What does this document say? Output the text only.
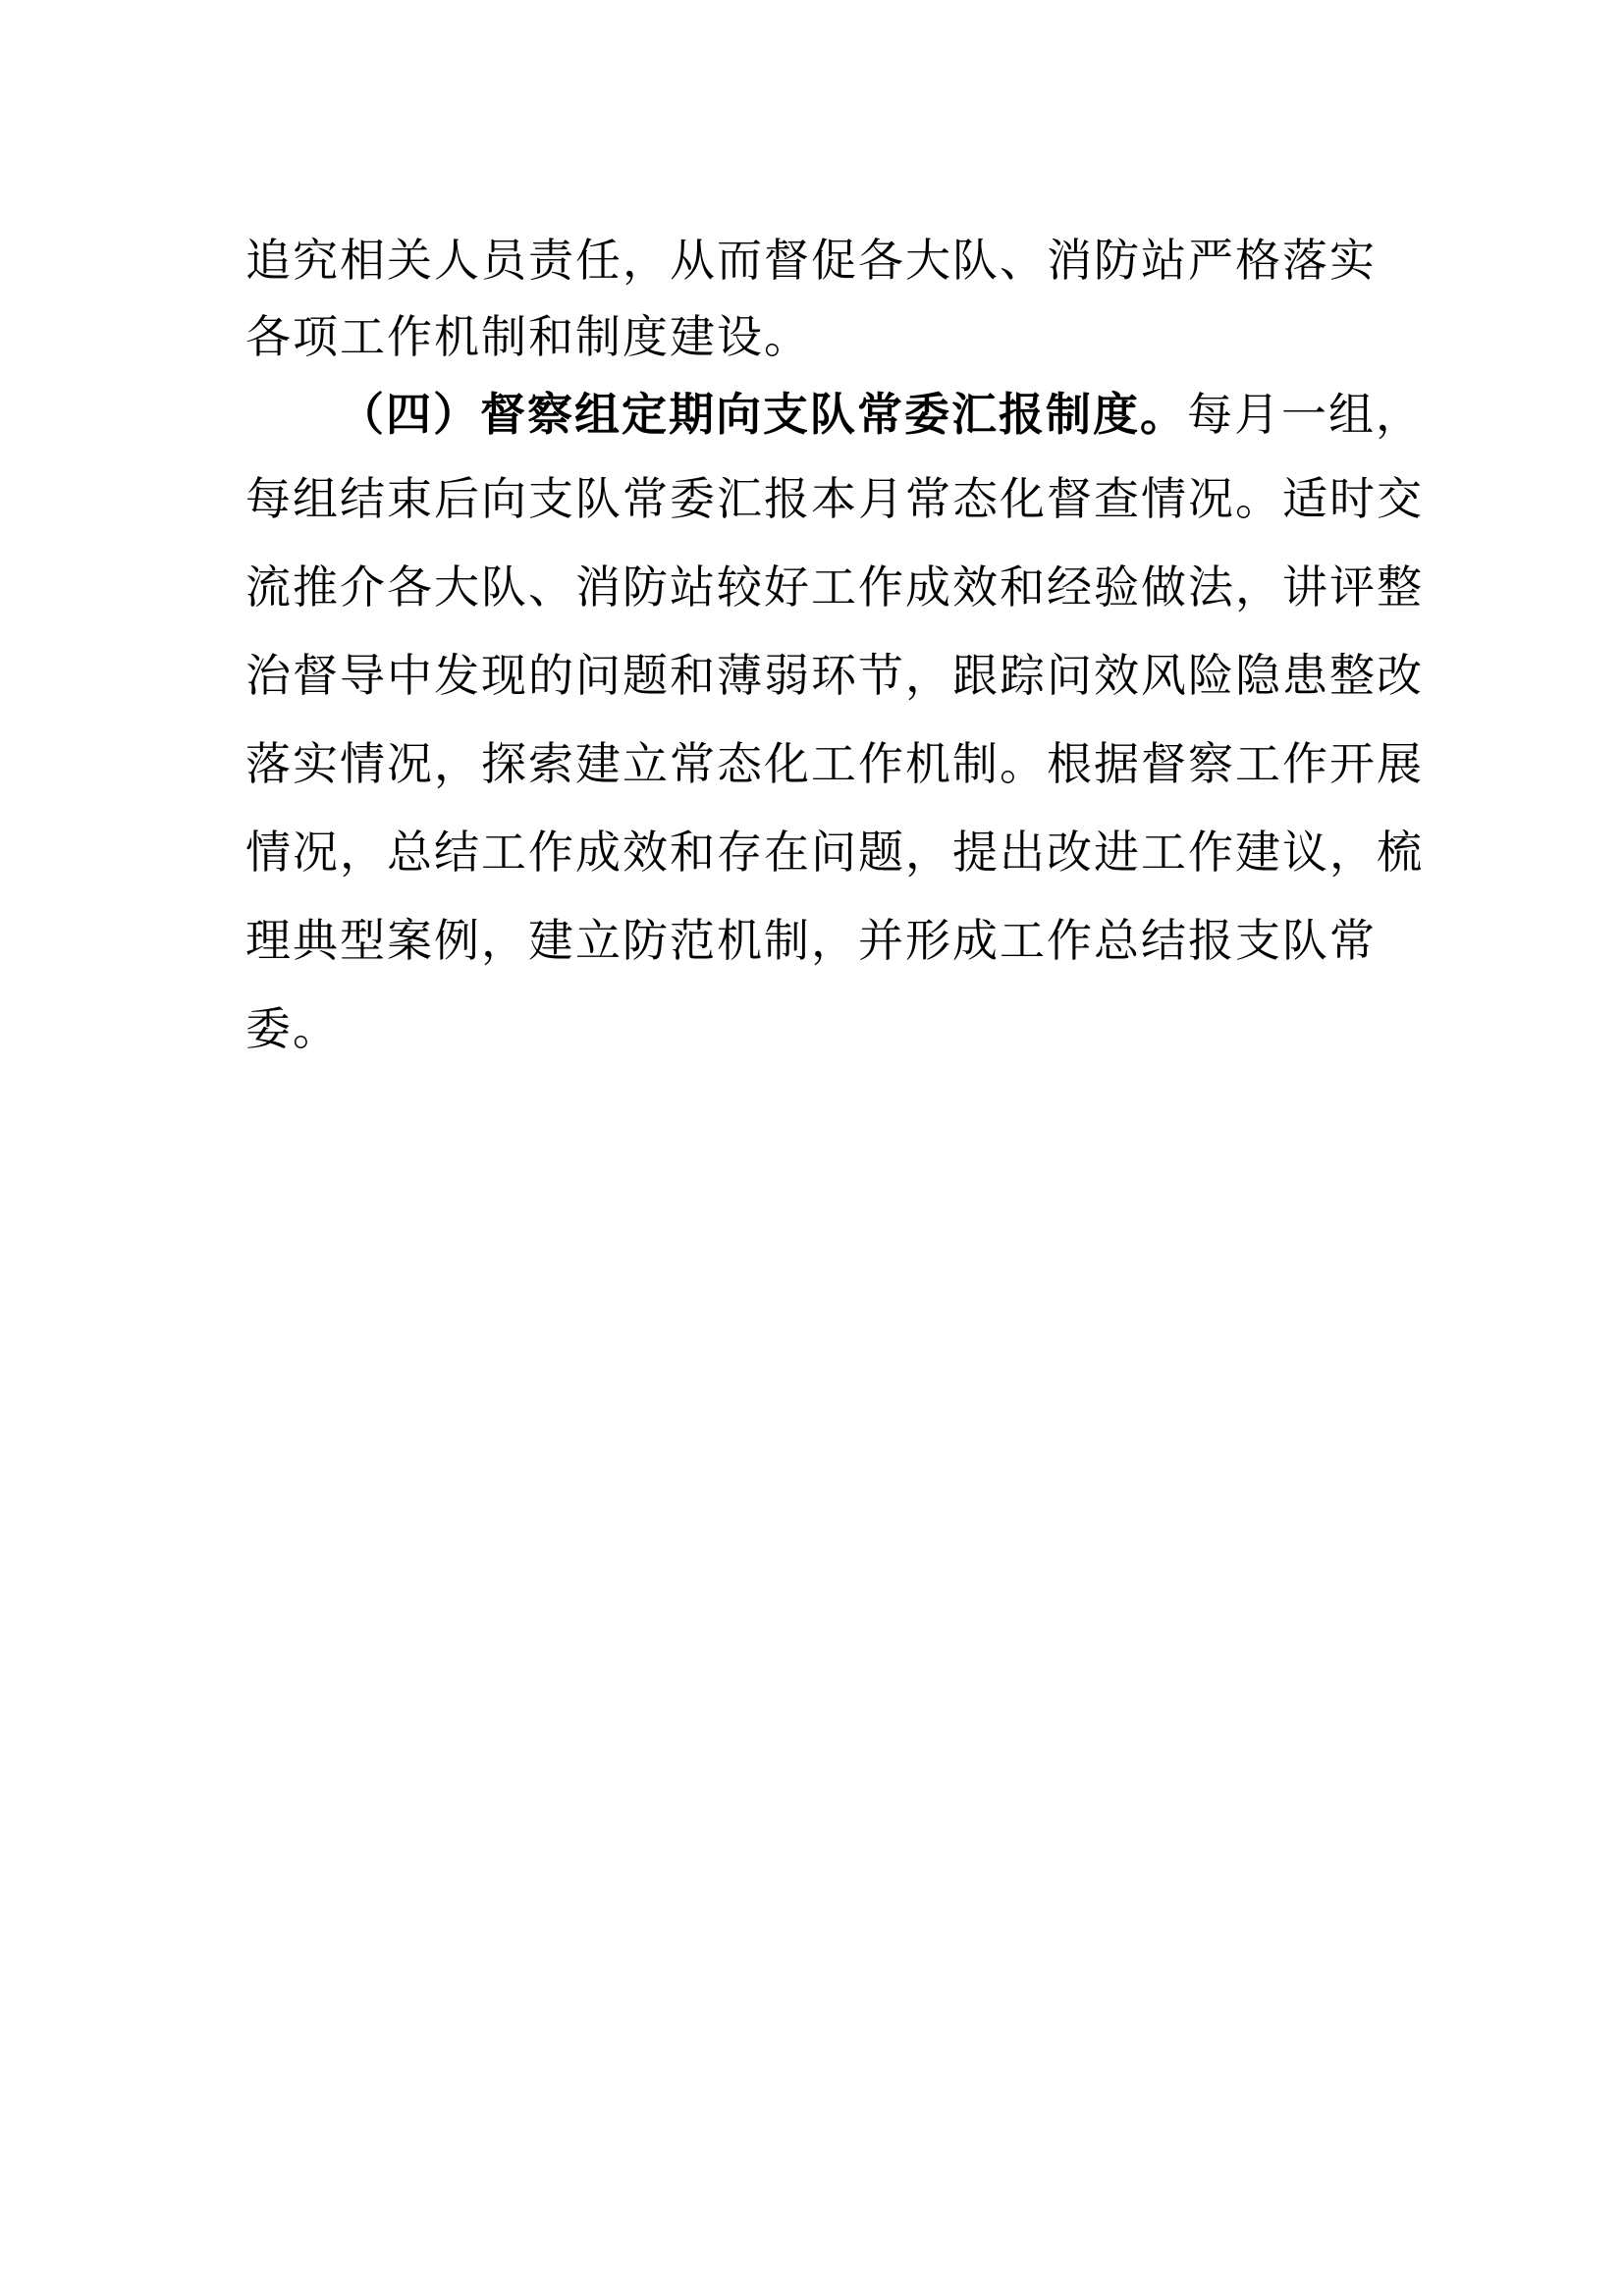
追究相关人员责任，从而督促各大队、消防站严格落实
各项工作机制和制度建设。
（四）督察组定期向支队常委汇报制度。每月一组，
每组结束后向支队常委汇报本月常态化督查情况。适时交
流推介各大队、消防站较好工作成效和经验做法，讲评整
治督导中发现的问题和薄弱环节，跟踪问效风险隐患整改
落实情况，探索建立常态化工作机制。根据督察工作开展
情况，总结工作成效和存在问题，提出改进工作建议，梳
理典型案例，建立防范机制，并形成工作总结报支队常
委。
